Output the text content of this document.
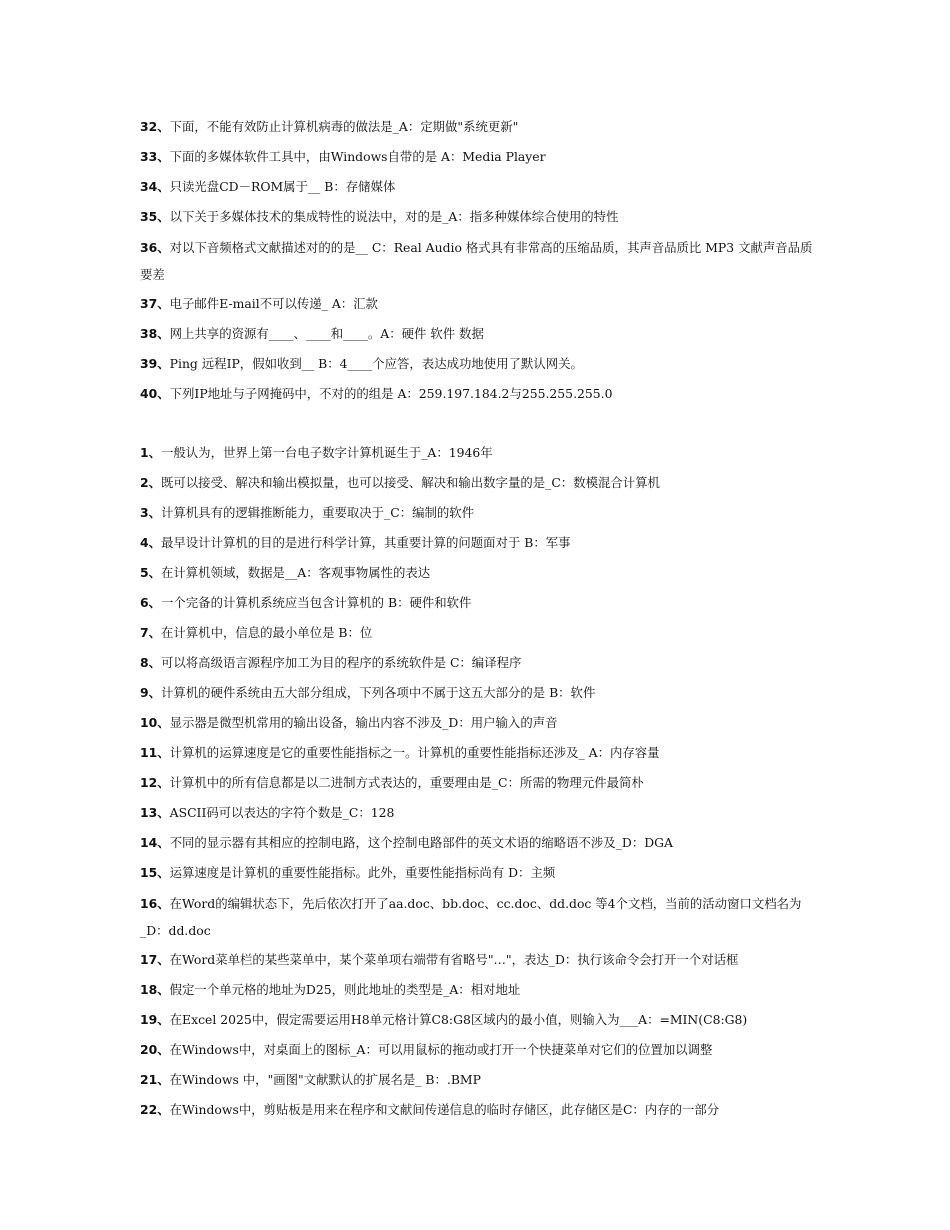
32、下面，不能有效防止计算机病毒的做法是_A：定期做"系统更新"
33、下面的多媒体软件工具中，由Windows自带的是 A：Media Player
34、只读光盘CD－ROM属于__ B：存储媒体
35、以下关于多媒体技术的集成特性的说法中，对的是_A：指多种媒体综合使用的特性
36、对以下音频格式文献描述对的的是__ C：Real Audio 格式具有非常高的压缩品质，其声音品质比 MP3 文献声音品质要差
37、电子邮件E-mail不可以传递_ A：汇款
38、网上共享的资源有____、____和____。A：硬件 软件 数据
39、Ping 远程IP，假如收到__ B：4____个应答，表达成功地使用了默认网关。
40、下列IP地址与子网掩码中，不对的的组是 A：259.197.184.2与255.255.255.0
1、一般认为，世界上第一台电子数字计算机诞生于_A：1946年
2、既可以接受、解决和输出模拟量，也可以接受、解决和输出数字量的是_C：数模混合计算机
3、计算机具有的逻辑推断能力，重要取决于_C：编制的软件
4、最早设计计算机的目的是进行科学计算，其重要计算的问题面对于 B：军事
5、在计算机领域，数据是__A：客观事物属性的表达
6、一个完备的计算机系统应当包含计算机的 B：硬件和软件
7、在计算机中，信息的最小单位是 B：位
8、可以将高级语言源程序加工为目的程序的系统软件是 C：编译程序
9、计算机的硬件系统由五大部分组成，下列各项中不属于这五大部分的是 B：软件
10、显示器是微型机常用的输出设备，输出内容不涉及_D：用户输入的声音
11、计算机的运算速度是它的重要性能指标之一。计算机的重要性能指标还涉及_ A：内存容量
12、计算机中的所有信息都是以二进制方式表达的，重要理由是_C：所需的物理元件最简朴
13、ASCII码可以表达的字符个数是_C：128
14、不同的显示器有其相应的控制电路，这个控制电路部件的英文术语的缩略语不涉及_D：DGA
15、运算速度是计算机的重要性能指标。此外，重要性能指标尚有 D：主频
16、在Word的编辑状态下，先后依次打开了aa.doc、bb.doc、cc.doc、dd.doc 等4个文档，当前的活动窗口文档名为_D：dd.doc
17、在Word菜单栏的某些菜单中，某个菜单项右端带有省略号"…"，表达_D：执行该命令会打开一个对话框
18、假定一个单元格的地址为D25，则此地址的类型是_A：相对地址
19、在Excel 2025中，假定需要运用H8单元格计算C8:G8区域内的最小值，则输入为___A：=MIN(C8:G8)
20、在Windows中，对桌面上的图标_A：可以用鼠标的拖动或打开一个快捷菜单对它们的位置加以调整
21、在Windows 中，"画图"文献默认的扩展名是_ B：.BMP
22、在Windows中，剪贴板是用来在程序和文献间传递信息的临时存储区，此存储区是C：内存的一部分
